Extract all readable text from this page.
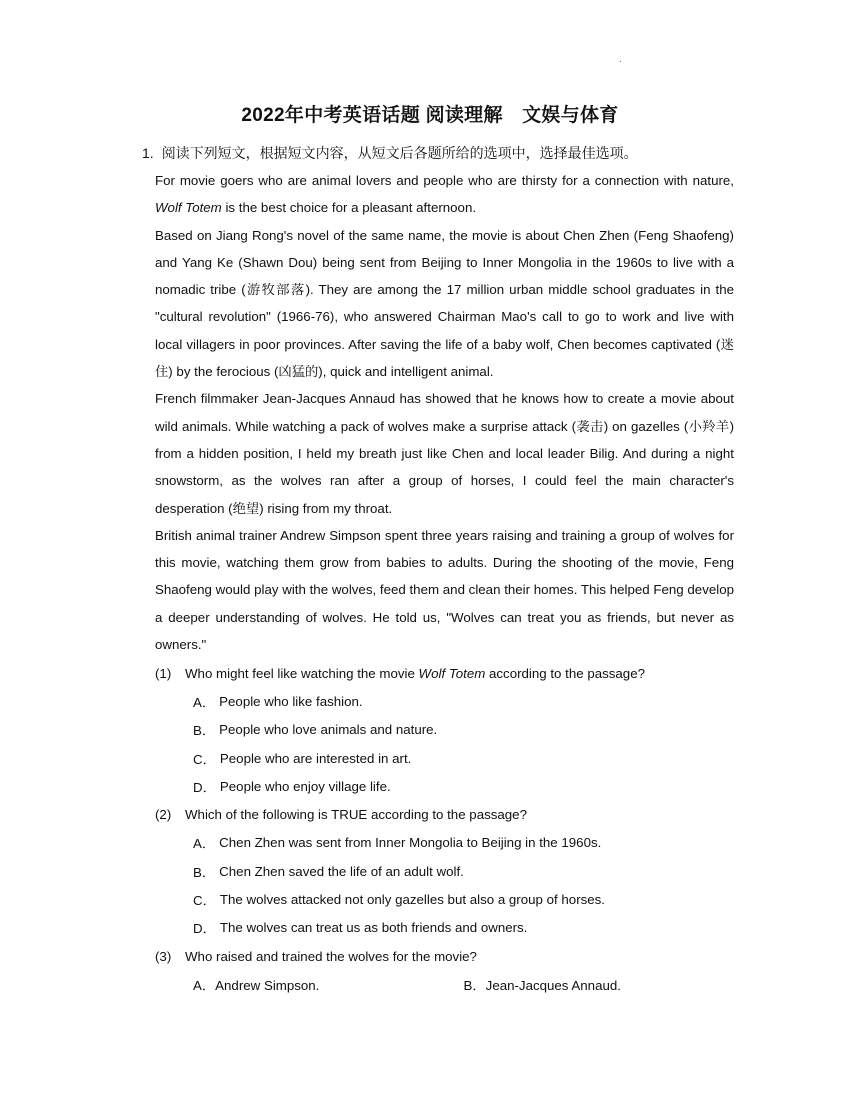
.
2022年中考英语话题 阅读理解　文娱与体育
1. 阅读下列短文，根据短文内容，从短文后各题所给的选项中，选择最佳选项。

For movie goers who are animal lovers and people who are thirsty for a connection with nature, Wolf Totem is the best choice for a pleasant afternoon.

Based on Jiang Rong's novel of the same name, the movie is about Chen Zhen (Feng Shaofeng) and Yang Ke (Shawn Dou) being sent from Beijing to Inner Mongolia in the 1960s to live with a nomadic tribe (游牧部落). They are among the 17 million urban middle school graduates in the "cultural revolution" (1966-76), who answered Chairman Mao's call to go to work and live with local villagers in poor provinces. After saving the life of a baby wolf, Chen becomes captivated (迷住) by the ferocious (凶猛的), quick and intelligent animal.

French filmmaker Jean-Jacques Annaud has showed that he knows how to create a movie about wild animals. While watching a pack of wolves make a surprise attack (袭击) on gazelles (小羚羊) from a hidden position, I held my breath just like Chen and local leader Bilig. And during a night snowstorm, as the wolves ran after a group of horses, I could feel the main character's desperation (绝望) rising from my throat.

British animal trainer Andrew Simpson spent three years raising and training a group of wolves for this movie, watching them grow from babies to adults. During the shooting of the movie, Feng Shaofeng would play with the wolves, feed them and clean their homes. This helped Feng develop a deeper understanding of wolves. He told us, "Wolves can treat you as friends, but never as owners."

(1)	Who might feel like watching the movie Wolf Totem according to the passage?
A． People who like fashion.
B． People who love animals and nature.
C． People who are interested in art.
D． People who enjoy village life.
(2)	Which of the following is TRUE according to the passage?
A． Chen Zhen was sent from Inner Mongolia to Beijing in the 1960s.
B． Chen Zhen saved the life of an adult wolf.
C． The wolves attacked not only gazelles but also a group of horses.
D． The wolves can treat us as both friends and owners.
(3)	Who raised and trained the wolves for the movie?
A．Andrew Simpson.	B．Jean-Jacques Annaud.
